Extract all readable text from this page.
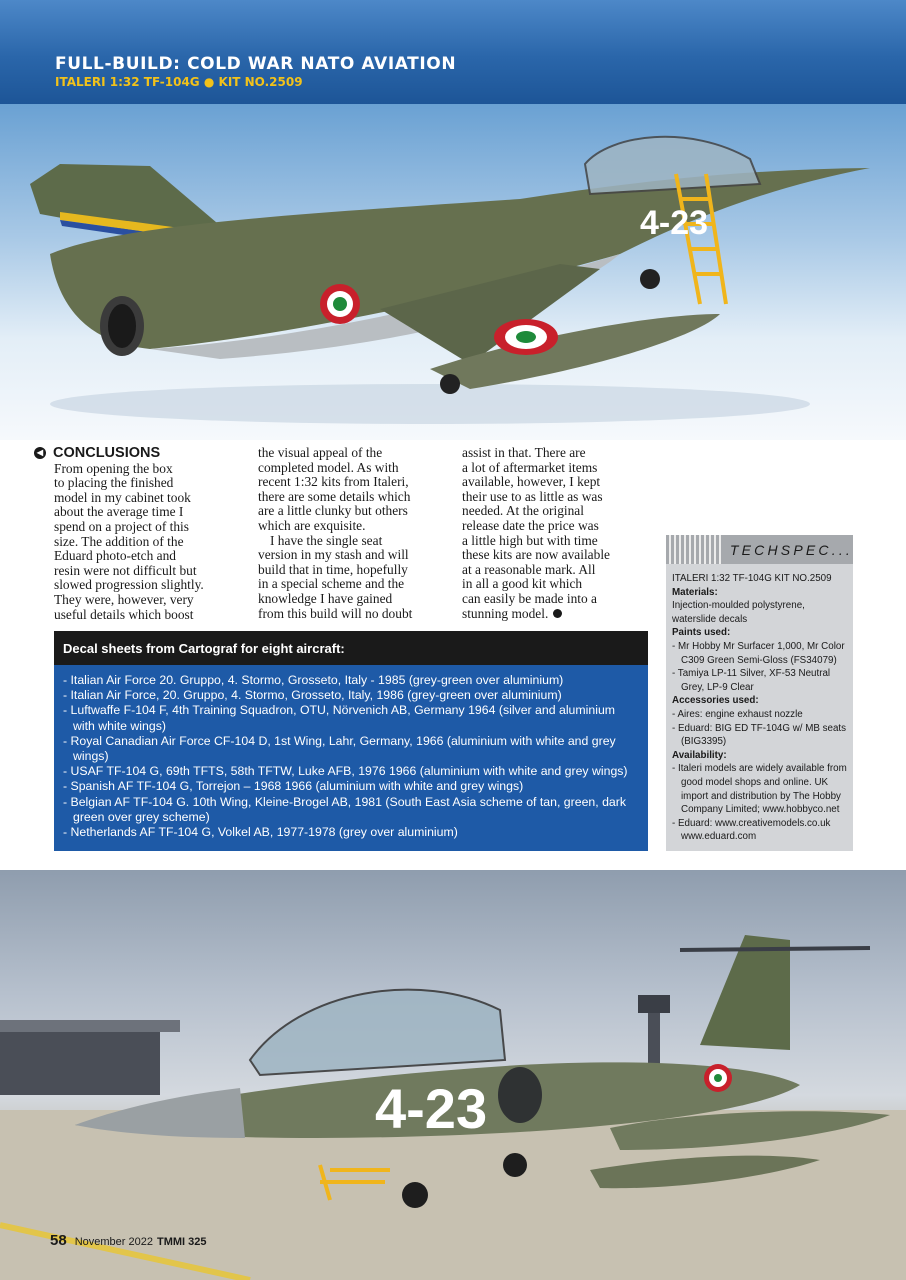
FULL-BUILD: COLD WAR NATO AVIATION
ITALERI 1:32 TF-104G ● KIT NO.2509
4-23
◀ CONCLUSIONS
From opening the box
to placing the finished
model in my cabinet took
about the average time I
spend on a project of this
size. The addition of the
Eduard photo-etch and
resin were not difficult but
slowed progression slightly.
They were, however, very
useful details which boost
the visual appeal of the
completed model. As with
recent 1:32 kits from Italeri,
there are some details which
are a little clunky but others
which are exquisite.
I have the single seat
version in my stash and will
build that in time, hopefully
in a special scheme and the
knowledge I have gained
from this build will no doubt
assist in that. There are
a lot of aftermarket items
available, however, I kept
their use to as little as was
needed. At the original
release date the price was
a little high but with time
these kits are now available
at a reasonable mark. All
in all a good kit which
can easily be made into a
stunning model.
Decal sheets from Cartograf for eight aircraft:
- Italian Air Force 20. Gruppo, 4. Stormo, Grosseto, Italy - 1985 (grey-green over aluminium)
- Italian Air Force, 20. Gruppo, 4. Stormo, Grosseto, Italy, 1986 (grey-green over aluminium)
- Luftwaffe F-104 F, 4th Training Squadron, OTU, Nörvenich AB, Germany 1964 (silver and aluminium with white wings)
- Royal Canadian Air Force CF-104 D, 1st Wing, Lahr, Germany, 1966 (aluminium with white and grey wings)
- USAF TF-104 G, 69th TFTS, 58th TFTW, Luke AFB, 1976 1966 (aluminium with white and grey wings)
- Spanish AF TF-104 G, Torrejon – 1968 1966 (aluminium with white and grey wings)
- Belgian AF TF-104 G. 10th Wing, Kleine-Brogel AB, 1981 (South East Asia scheme of tan, green, dark green over grey scheme)
- Netherlands AF TF-104 G, Volkel AB, 1977-1978 (grey over aluminium)
TECHSPEC...
ITALERI 1:32 TF-104G KIT NO.2509
Materials:
Injection-moulded polystyrene, waterslide decals
Paints used:
- Mr Hobby Mr Surfacer 1,000, Mr Color C309 Green Semi-Gloss (FS34079)
- Tamiya LP-11 Silver, XF-53 Neutral Grey, LP-9 Clear
Accessories used:
- Aires: engine exhaust nozzle
- Eduard: BIG ED TF-104G w/ MB seats (BIG3395)
Availability:
- Italeri models are widely available from good model shops and online. UK import and distribution by The Hobby Company Limited; www.hobbyco.net
- Eduard: www.creativemodels.co.uk www.eduard.com
4-23
58 November 2022 TMMI 325
